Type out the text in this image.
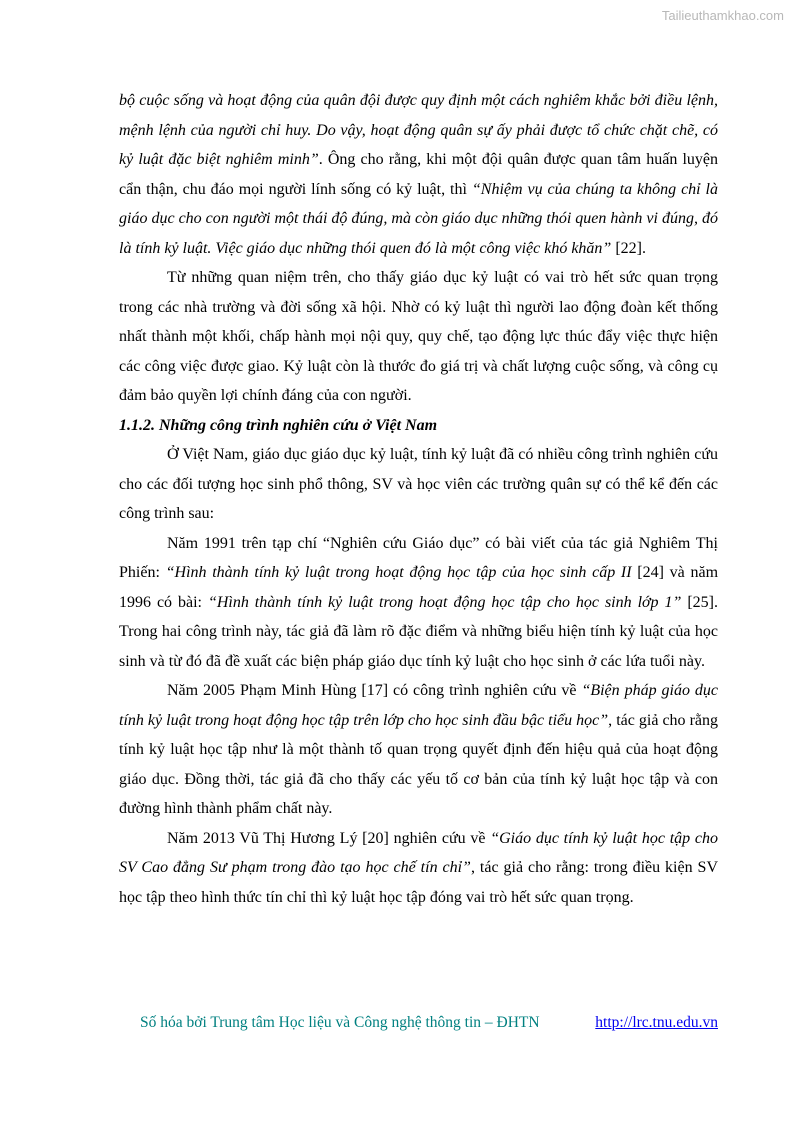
Tailieuthamkhao.com

bộ cuộc sống và hoạt động của quân đội được quy định một cách nghiêm khắc bởi điều lệnh, mệnh lệnh của người chỉ huy. Do vậy, hoạt động quân sự ấy phải được tổ chức chặt chẽ, có kỷ luật đặc biệt nghiêm minh”. Ông cho rằng, khi một đội quân được quan tâm huấn luyện cẩn thận, chu đáo mọi người lính sống có kỷ luật, thì “Nhiệm vụ của chúng ta không chỉ là giáo dục cho con người một thái độ đúng, mà còn giáo dục những thói quen hành vi đúng, đó là tính kỷ luật. Việc giáo dục những thói quen đó là một công việc khó khăn” [22].

Từ những quan niệm trên, cho thấy giáo dục kỷ luật có vai trò hết sức quan trọng trong các nhà trường và đời sống xã hội. Nhờ có kỷ luật thì người lao động đoàn kết thống nhất thành một khối, chấp hành mọi nội quy, quy chế, tạo động lực thúc đẩy việc thực hiện các công việc được giao. Kỷ luật còn là thước đo giá trị và chất lượng cuộc sống, và công cụ đảm bảo quyền lợi chính đáng của con người.

1.1.2. Những công trình nghiên cứu ở Việt Nam

Ở Việt Nam, giáo dục giáo dục kỷ luật, tính kỷ luật đã có nhiều công trình nghiên cứu cho các đối tượng học sinh phổ thông, SV và học viên các trường quân sự có thể kể đến các công trình sau:

Năm 1991 trên tạp chí “Nghiên cứu Giáo dục” có bài viết của tác giả Nghiêm Thị Phiến: “Hình thành tính kỷ luật trong hoạt động học tập của học sinh cấp II [24] và năm 1996 có bài: “Hình thành tính kỷ luật trong hoạt động học tập cho học sinh lớp 1” [25]. Trong hai công trình này, tác giả đã làm rõ đặc điểm và những biểu hiện tính kỷ luật của học sinh và từ đó đã đề xuất các biện pháp giáo dục tính kỷ luật cho học sinh ở các lứa tuổi này.

Năm 2005 Phạm Minh Hùng [17] có công trình nghiên cứu về “Biện pháp giáo dục tính kỷ luật trong hoạt động học tập trên lớp cho học sinh đầu bậc tiểu học”, tác giả cho rằng tính kỷ luật học tập như là một thành tố quan trọng quyết định đến hiệu quả của hoạt động giáo dục. Đồng thời, tác giả đã cho thấy các yếu tố cơ bản của tính kỷ luật học tập và con đường hình thành phẩm chất này.

Năm 2013 Vũ Thị Hương Lý [20] nghiên cứu về “Giáo dục tính kỷ luật học tập cho SV Cao đẳng Sư phạm trong đào tạo học chế tín chỉ”, tác giả cho rằng: trong điều kiện SV học tập theo hình thức tín chỉ thì kỷ luật học tập đóng vai trò hết sức quan trọng.

Số hóa bởi Trung tâm Học liệu và Công nghệ thông tin – ĐHTN	http://lrc.tnu.edu.vn
